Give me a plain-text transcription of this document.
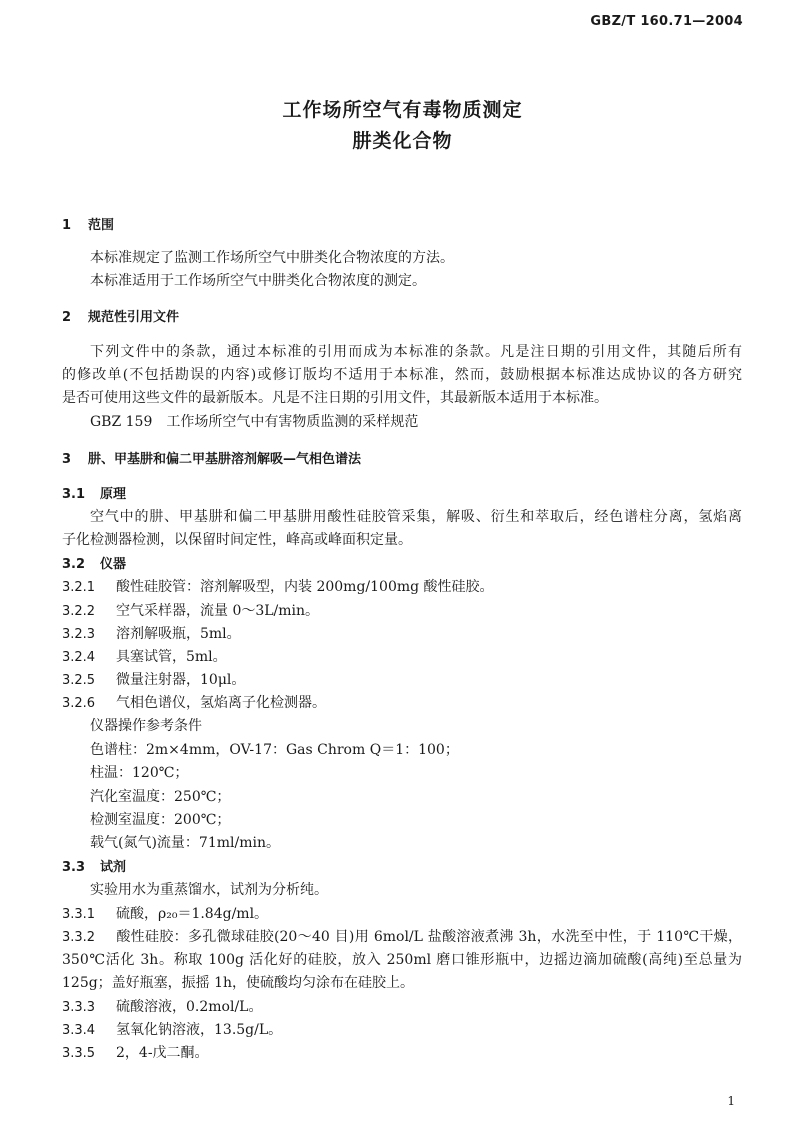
GBZ/T 160.71—2004
工作场所空气有毒物质测定
肼类化合物
1 范围
本标准规定了监测工作场所空气中肼类化合物浓度的方法。
本标准适用于工作场所空气中肼类化合物浓度的测定。
2 规范性引用文件
下列文件中的条款，通过本标准的引用而成为本标准的条款。凡是注日期的引用文件，其随后所有
的修改单(不包括勘误的内容)或修订版均不适用于本标准，然而，鼓励根据本标准达成协议的各方研究
是否可使用这些文件的最新版本。凡是不注日期的引用文件，其最新版本适用于本标准。
GBZ 159　工作场所空气中有害物质监测的采样规范
3 肼、甲基肼和偏二甲基肼溶剂解吸—气相色谱法
3.1 原理
空气中的肼、甲基肼和偏二甲基肼用酸性硅胶管采集，解吸、衍生和萃取后，经色谱柱分离，氢焰离
子化检测器检测，以保留时间定性，峰高或峰面积定量。
3.2 仪器
3.2.1 酸性硅胶管：溶剂解吸型，内装 200mg/100mg 酸性硅胶。
3.2.2 空气采样器，流量 0～3L/min。
3.2.3 溶剂解吸瓶，5ml。
3.2.4 具塞试管，5ml。
3.2.5 微量注射器，10μl。
3.2.6 气相色谱仪，氢焰离子化检测器。
仪器操作参考条件
色谱柱：2m×4mm，OV-17：Gas Chrom Q＝1：100；
柱温：120℃；
汽化室温度：250℃；
检测室温度：200℃；
载气(氮气)流量：71ml/min。
3.3 试剂
实验用水为重蒸馏水，试剂为分析纯。
3.3.1 硫酸，ρ₂₀＝1.84g/ml。
3.3.2 酸性硅胶：多孔微球硅胶(20～40 目)用 6mol/L 盐酸溶液煮沸 3h，水洗至中性，于 110℃干燥，
350℃活化 3h。称取 100g 活化好的硅胶，放入 250ml 磨口锥形瓶中，边摇边滴加硫酸(高纯)至总量为
125g；盖好瓶塞，振摇 1h，使硫酸均匀涂布在硅胶上。
3.3.3 硫酸溶液，0.2mol/L。
3.3.4 氢氧化钠溶液，13.5g/L。
3.3.5 2，4-戊二酮。
1
